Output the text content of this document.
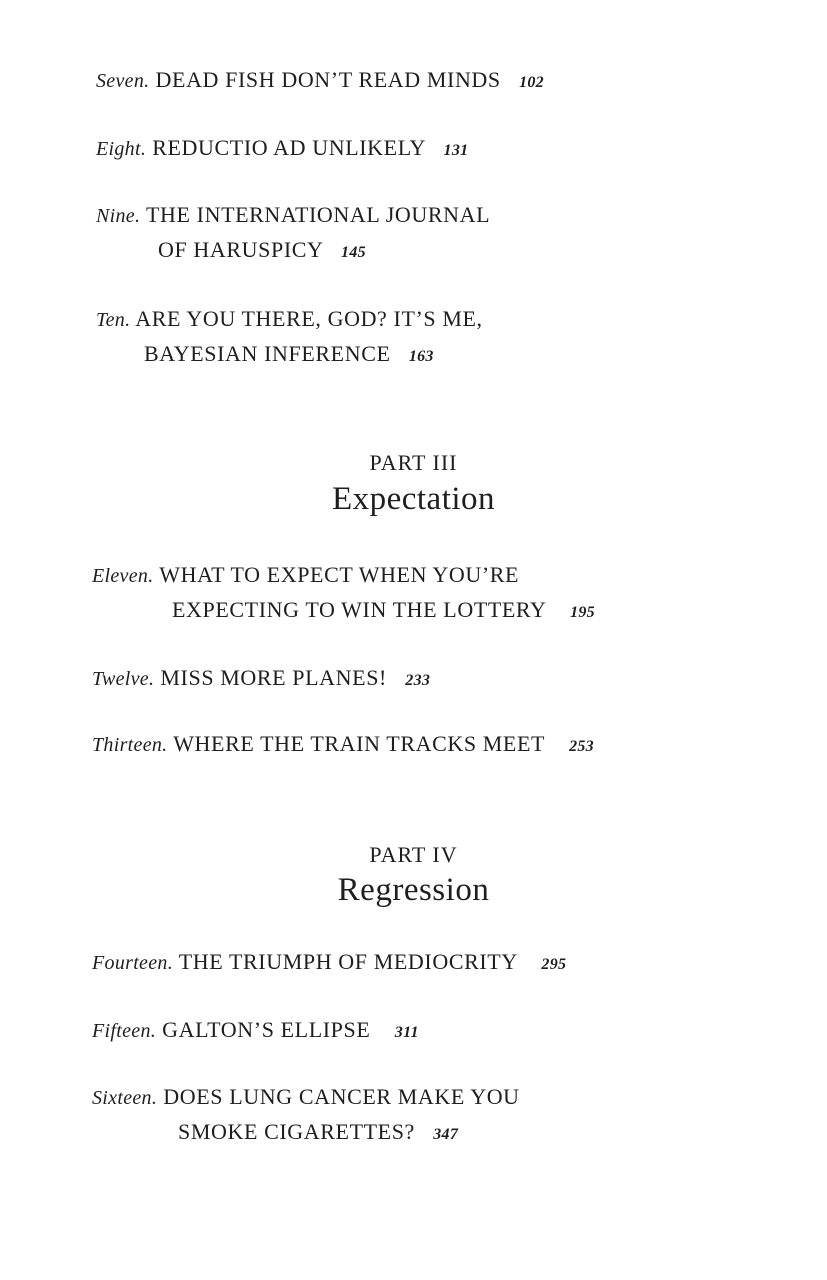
Seven. DEAD FISH DON’T READ MINDS 102
Eight. REDUCTIO AD UNLIKELY 131
Nine. THE INTERNATIONAL JOURNAL
OF HARUSPICY 145
Ten. ARE YOU THERE, GOD? IT’S ME,
BAYESIAN INFERENCE 163
PART III
Expectation
Eleven. WHAT TO EXPECT WHEN YOU’RE
EXPECTING TO WIN THE LOTTERY 195
Twelve. MISS MORE PLANES! 233
Thirteen. WHERE THE TRAIN TRACKS MEET 253
PART IV
Regression
Fourteen. THE TRIUMPH OF MEDIOCRITY 295
Fifteen. GALTON’S ELLIPSE 311
Sixteen. DOES LUNG CANCER MAKE YOU
SMOKE CIGARETTES? 347
